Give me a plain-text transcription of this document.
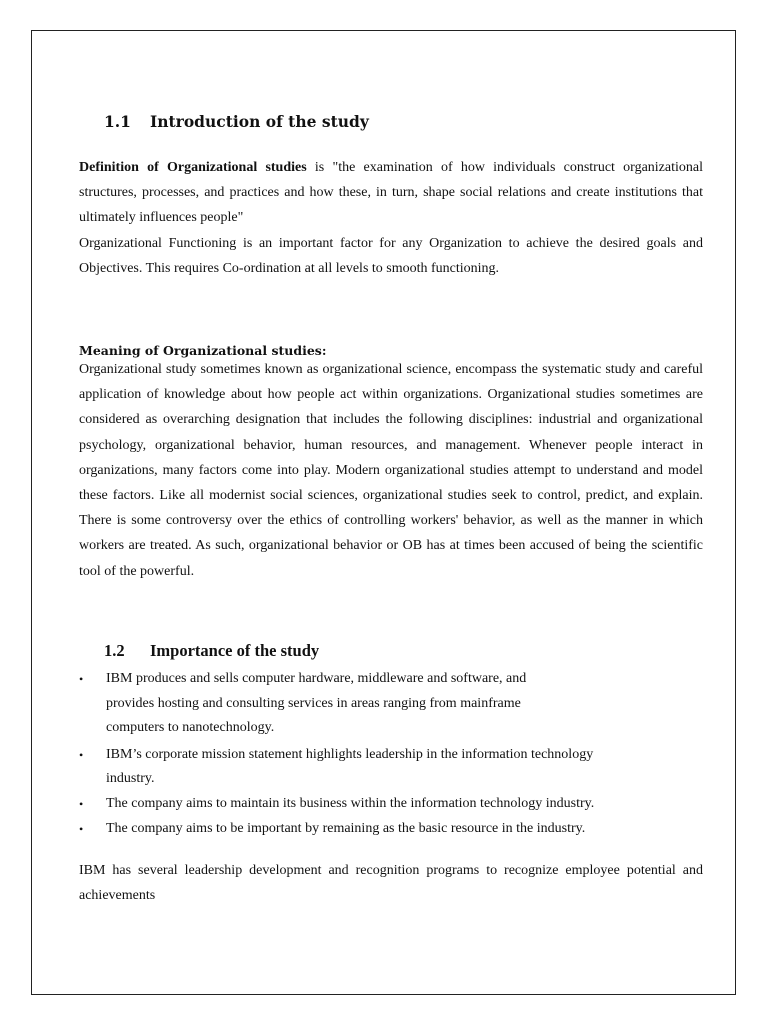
1.1 Introduction of the study

Definition of Organizational studies is "the examination of how individuals construct organizational structures, processes, and practices and how these, in turn, shape social relations and create institutions that ultimately influences people"

Organizational Functioning is an important factor for any Organization to achieve the desired goals and Objectives. This requires Co-ordination at all levels to smooth functioning.

Meaning of Organizational studies:
Organizational study sometimes known as organizational science, encompass the systematic study and careful application of knowledge about how people act within organizations. Organizational studies sometimes are considered as overarching designation that includes the following disciplines: industrial and organizational psychology, organizational behavior, human resources, and management. Whenever people interact in organizations, many factors come into play. Modern organizational studies attempt to understand and model these factors. Like all modernist social sciences, organizational studies seek to control, predict, and explain. There is some controversy over the ethics of controlling workers' behavior, as well as the manner in which workers are treated. As such, organizational behavior or OB has at times been accused of being the scientific tool of the powerful.
1.2 Importance of the study
• IBM produces and sells computer hardware, middleware and software, and
provides hosting and consulting services in areas ranging from mainframe
computers to nanotechnology.
• IBM’s corporate mission statement highlights leadership in the information technology
industry.
• The company aims to maintain its business within the information technology industry.
• The company aims to be important by remaining as the basic resource in the industry.

IBM has several leadership development and recognition programs to recognize employee potential and achievements
